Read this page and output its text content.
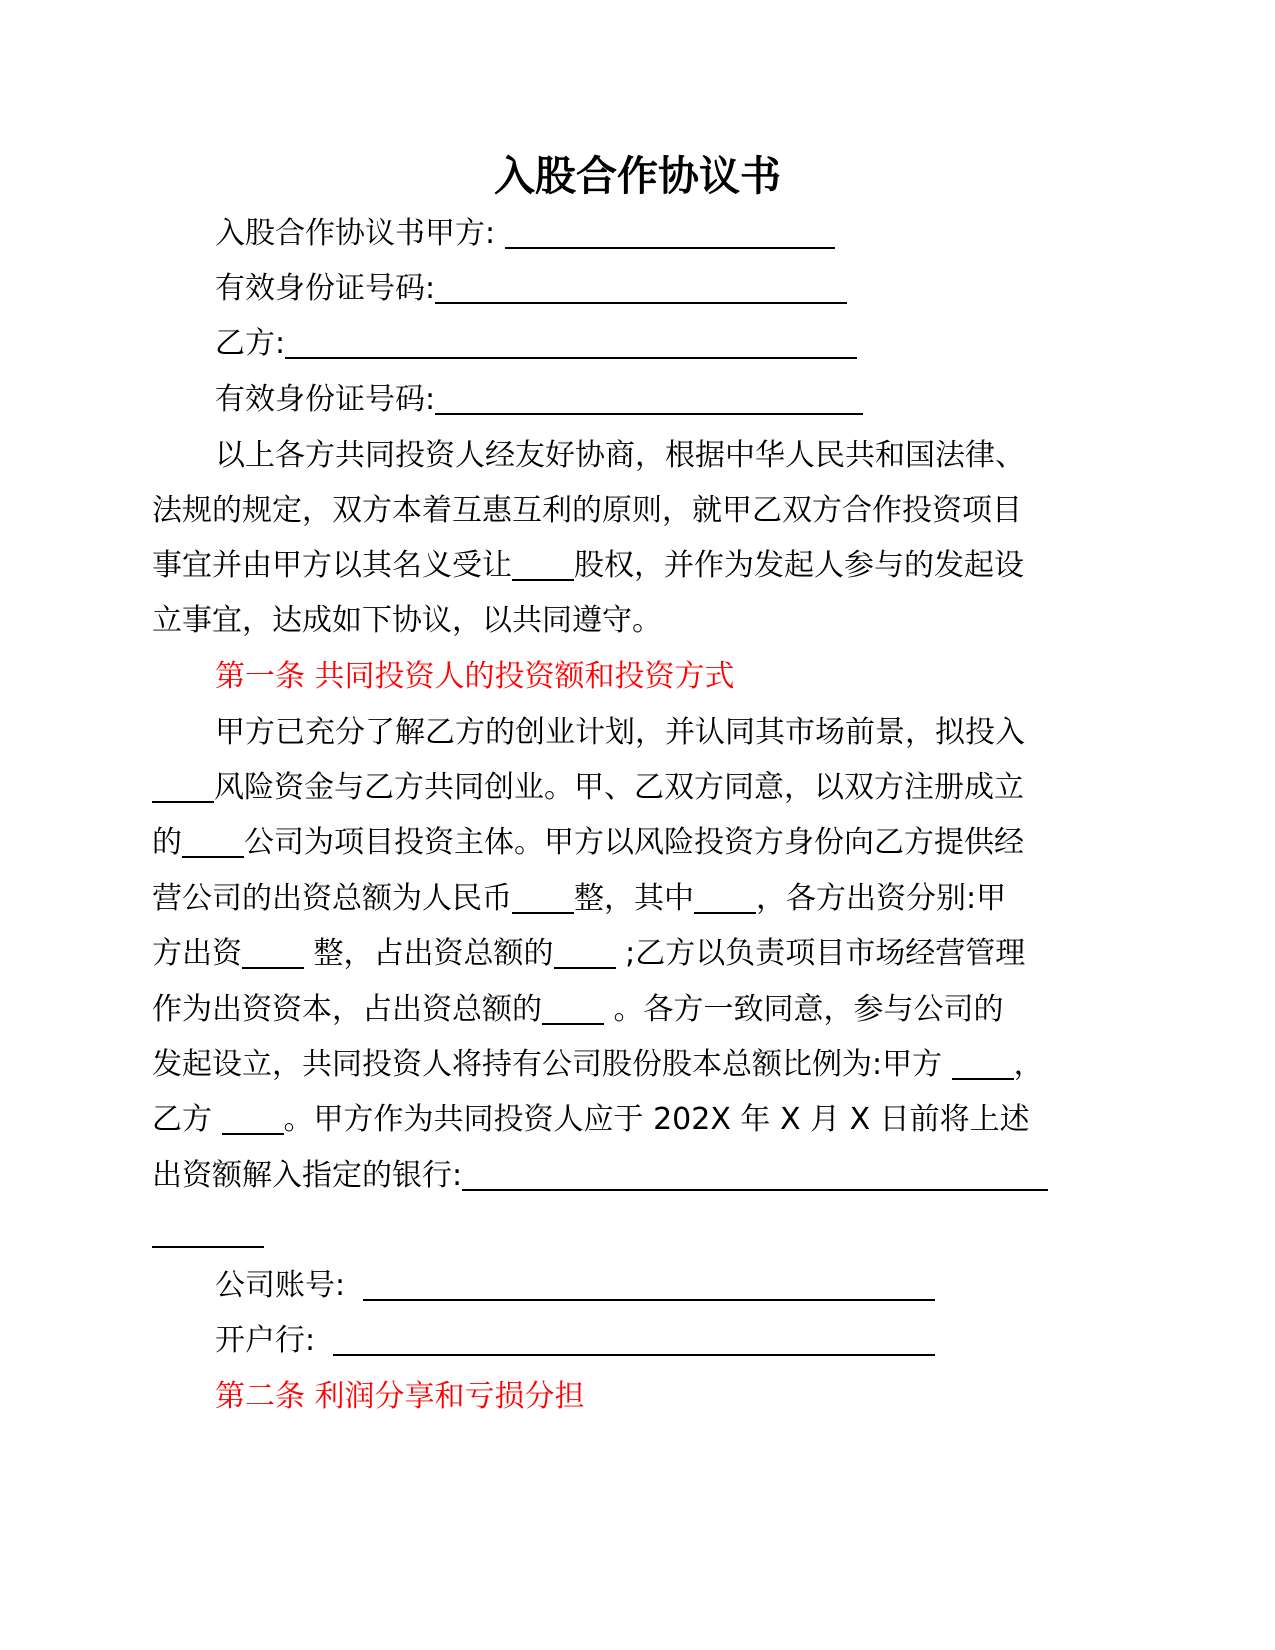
入股合作协议书
入股合作协议书甲方:
有效身份证号码:
乙方:
有效身份证号码:
以上各方共同投资人经友好协商，根据中华人民共和国法律、
法规的规定，双方本着互惠互利的原则，就甲乙双方合作投资项目
事宜并由甲方以其名义受让 股权，并作为发起人参与的发起设
立事宜，达成如下协议，以共同遵守。
第一条 共同投资人的投资额和投资方式
甲方已充分了解乙方的创业计划，并认同其市场前景，拟投入
风险资金与乙方共同创业。甲、乙双方同意，以双方注册成立
的 公司为项目投资主体。甲方以风险投资方身份向乙方提供经
营公司的出资总额为人民币 整，其中 ，各方出资分别:甲
方出资 整，占出资总额的 ;乙方以负责项目市场经营管理
作为出资资本，占出资总额的 。各方一致同意，参与公司的
发起设立，共同投资人将持有公司股份股本总额比例为:甲方 ，
乙方 。甲方作为共同投资人应于 202X 年 X 月 X 日前将上述
出资额解入指定的银行:
公司账号:
开户行:
第二条 利润分享和亏损分担
